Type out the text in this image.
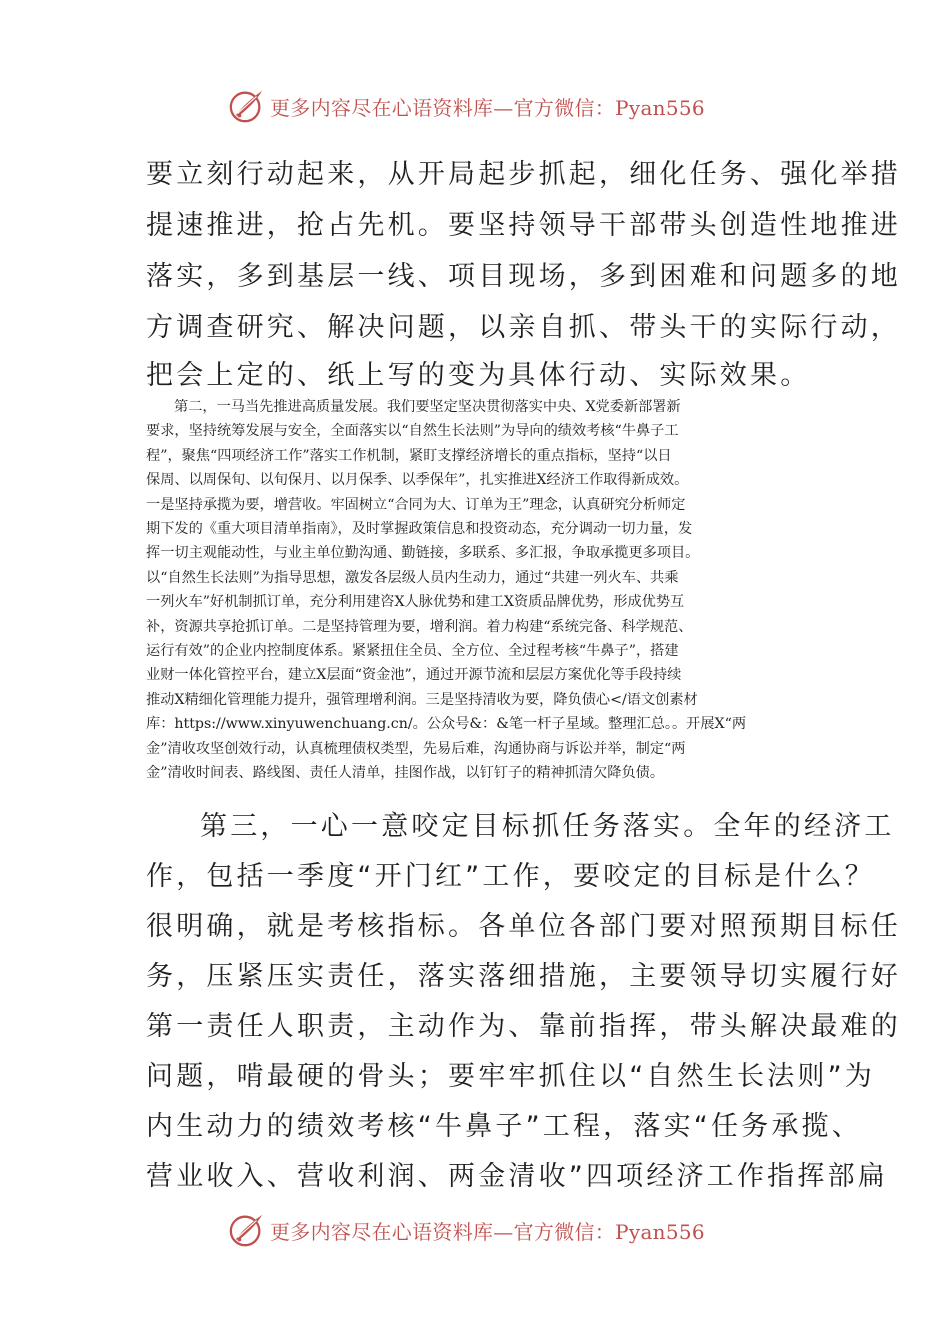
更多内容尽在心语资料库—官方微信：Pyan556
要立刻行动起来，从开局起步抓起，细化任务、强化举措
提速推进，抢占先机。要坚持领导干部带头创造性地推进
落实，多到基层一线、项目现场，多到困难和问题多的地
方调查研究、解决问题，以亲自抓、带头干的实际行动，
把会上定的、纸上写的变为具体行动、实际效果。
第二，一马当先推进高质量发展。我们要坚定坚决贯彻落实中央、X党委新部署新
要求，坚持统筹发展与安全，全面落实以“自然生长法则”为导向的绩效考核“牛鼻子工
程”，聚焦“四项经济工作”落实工作机制，紧盯支撑经济增长的重点指标，坚持“以日
保周、以周保旬、以旬保月、以月保季、以季保年”，扎实推进X经济工作取得新成效。
一是坚持承揽为要，增营收。牢固树立“合同为大、订单为王”理念，认真研究分析师定
期下发的《重大项目清单指南》，及时掌握政策信息和投资动态，充分调动一切力量，发
挥一切主观能动性，与业主单位勤沟通、勤链接，多联系、多汇报，争取承揽更多项目。
以“自然生长法则”为指导思想，激发各层级人员内生动力，通过“共建一列火车、共乘
一列火车”好机制抓订单，充分利用建咨X人脉优势和建工X资质品牌优势，形成优势互
补，资源共享抢抓订单。二是坚持管理为要，增利润。着力构建“系统完备、科学规范、
运行有效”的企业内控制度体系。紧紧扭住全员、全方位、全过程考核“牛鼻子”，搭建
业财一体化管控平台，建立X层面“资金池”，通过开源节流和层层方案优化等手段持续
推动X精细化管理能力提升，强管理增利润。三是坚持清收为要，降负债心</语文创素材
库：https://www.xinyuwenchuang.cn/。公众号&：&笔一杆子星域。整理汇总。。开展X“两
金”清收攻坚创效行动，认真梳理债权类型，先易后难，沟通协商与诉讼并举，制定“两
金”清收时间表、路线图、责任人清单，挂图作战，以钉钉子的精神抓清欠降负债。
第三，一心一意咬定目标抓任务落实。全年的经济工
作，包括一季度“开门红”工作，要咬定的目标是什么？
很明确，就是考核指标。各单位各部门要对照预期目标任
务，压紧压实责任，落实落细措施，主要领导切实履行好
第一责任人职责，主动作为、靠前指挥，带头解决最难的
问题，啃最硬的骨头；要牢牢抓住以“自然生长法则”为
内生动力的绩效考核“牛鼻子”工程，落实“任务承揽、
营业收入、营收利润、两金清收”四项经济工作指挥部扁
更多内容尽在心语资料库—官方微信：Pyan556
